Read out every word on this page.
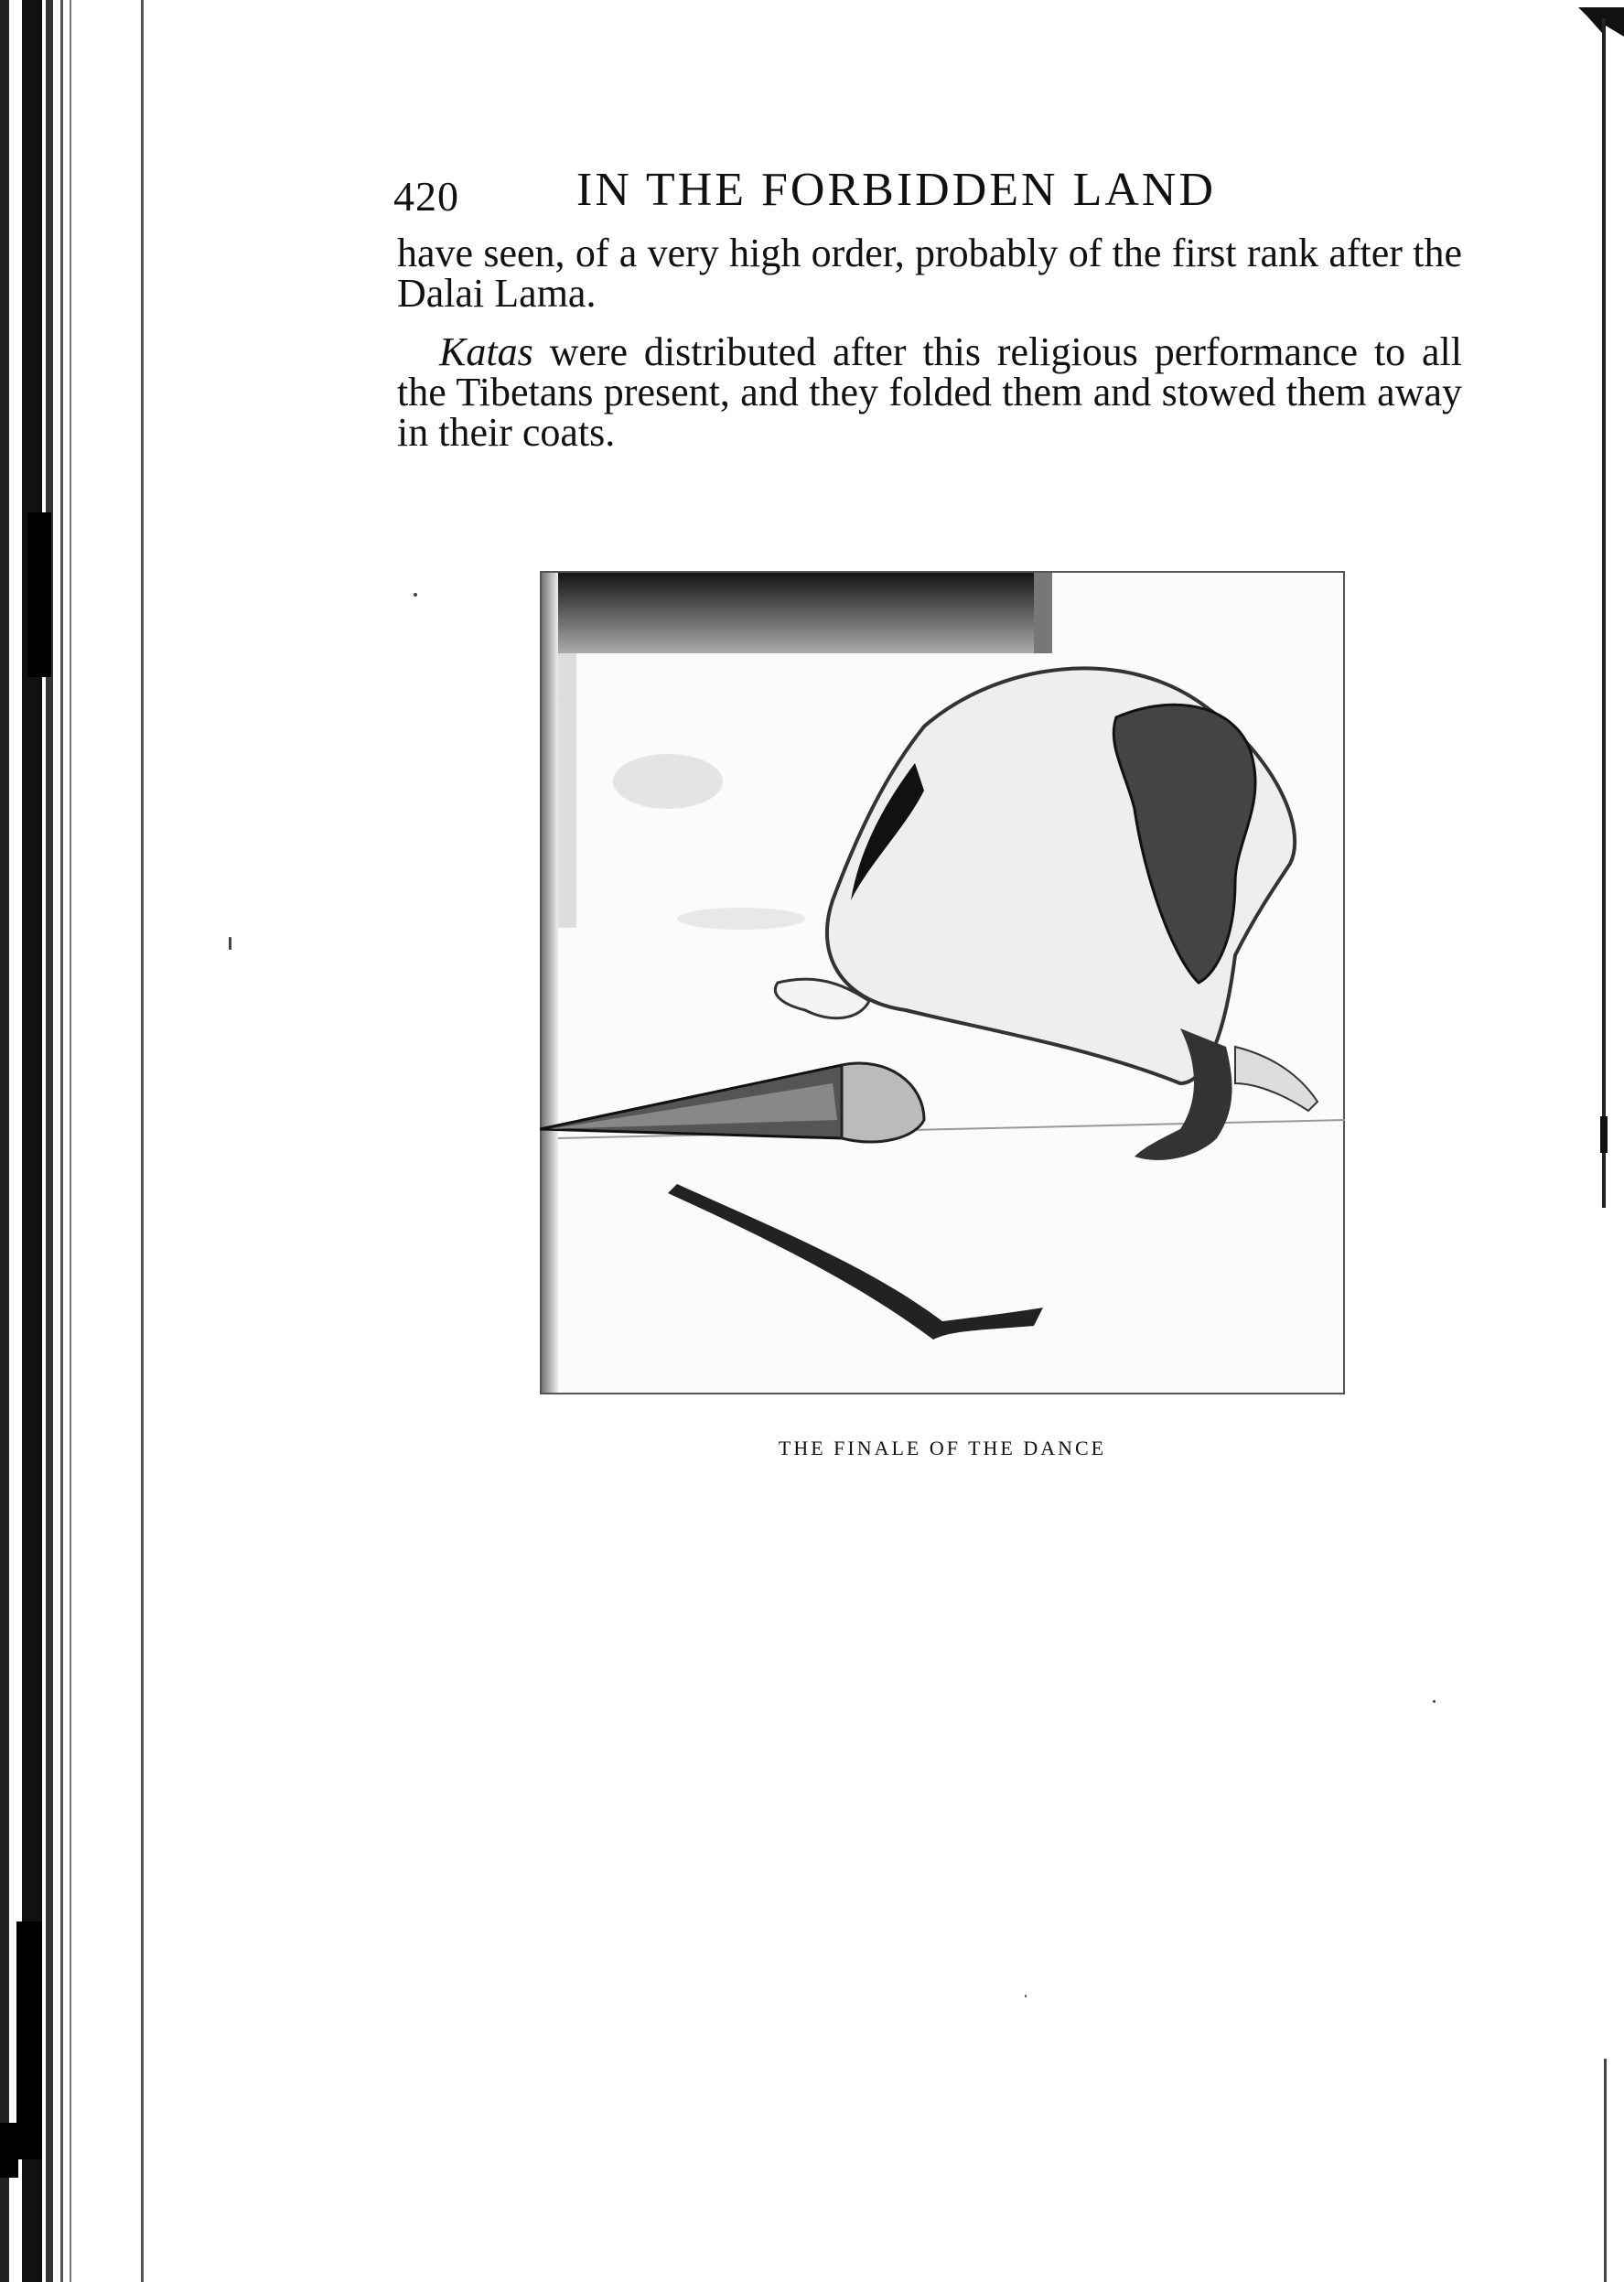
420 IN THE FORBIDDEN LAND

have seen, of a very high order, probably of the first rank after the Dalai Lama.

Katas were distributed after this religious performance to all the Tibetans present, and they folded them and stowed them away in their coats.

THE FINALE OF THE DANCE
